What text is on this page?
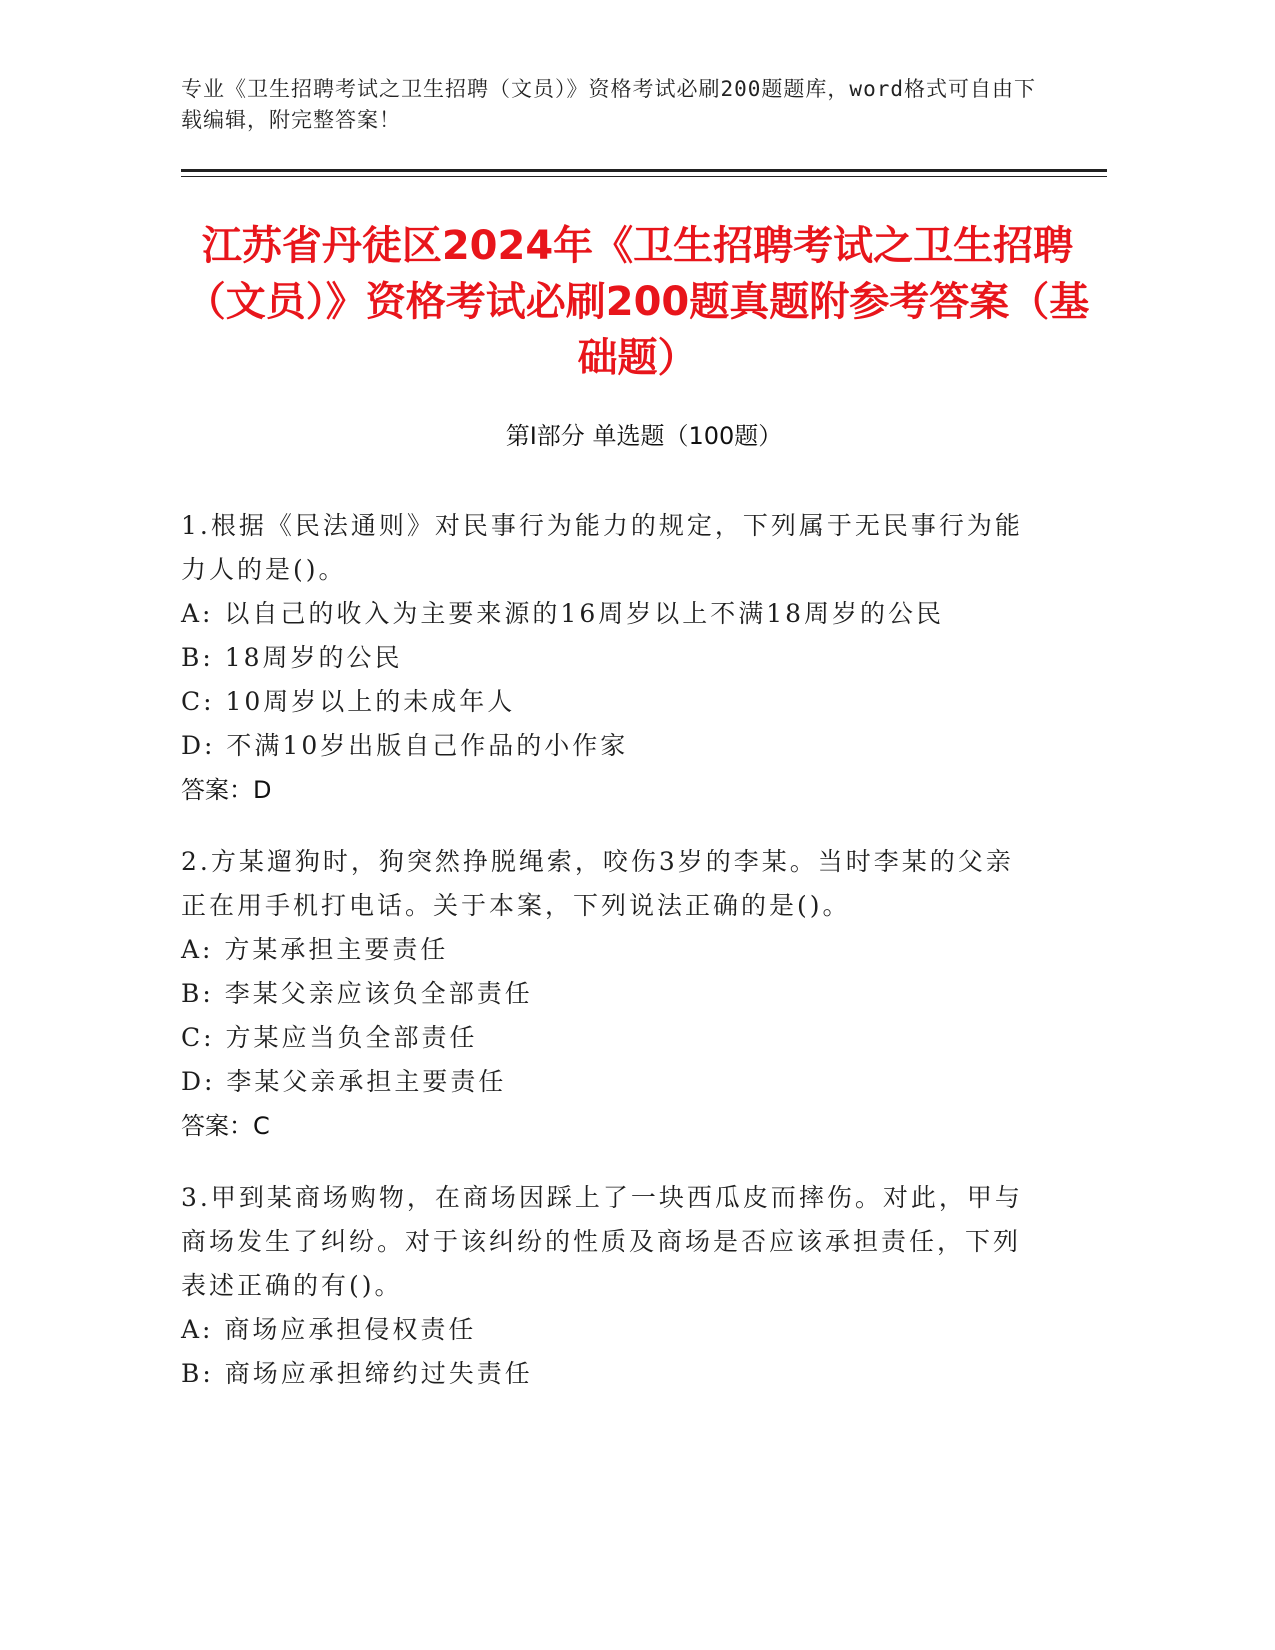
专业《卫生招聘考试之卫生招聘（文员）》资格考试必刷200题题库，word格式可自由下载编辑，附完整答案！
江苏省丹徒区2024年《卫生招聘考试之卫生招聘（文员）》资格考试必刷200题真题附参考答案（基础题）
第Ⅰ部分 单选题（100题）

1.根据《民法通则》对民事行为能力的规定，下列属于无民事行为能力人的是()。

A: 以自己的收入为主要来源的16周岁以上不满18周岁的公民

B: 18周岁的公民

C: 10周岁以上的未成年人

D: 不满10岁出版自己作品的小作家

答案：D

2.方某遛狗时，狗突然挣脱绳索，咬伤3岁的李某。当时李某的父亲正在用手机打电话。关于本案，下列说法正确的是()。

A: 方某承担主要责任

B: 李某父亲应该负全部责任

C: 方某应当负全部责任

D: 李某父亲承担主要责任

答案：C

3.甲到某商场购物，在商场因踩上了一块西瓜皮而摔伤。对此，甲与商场发生了纠纷。对于该纠纷的性质及商场是否应该承担责任，下列表述正确的有()。

A: 商场应承担侵权责任

B: 商场应承担缔约过失责任
